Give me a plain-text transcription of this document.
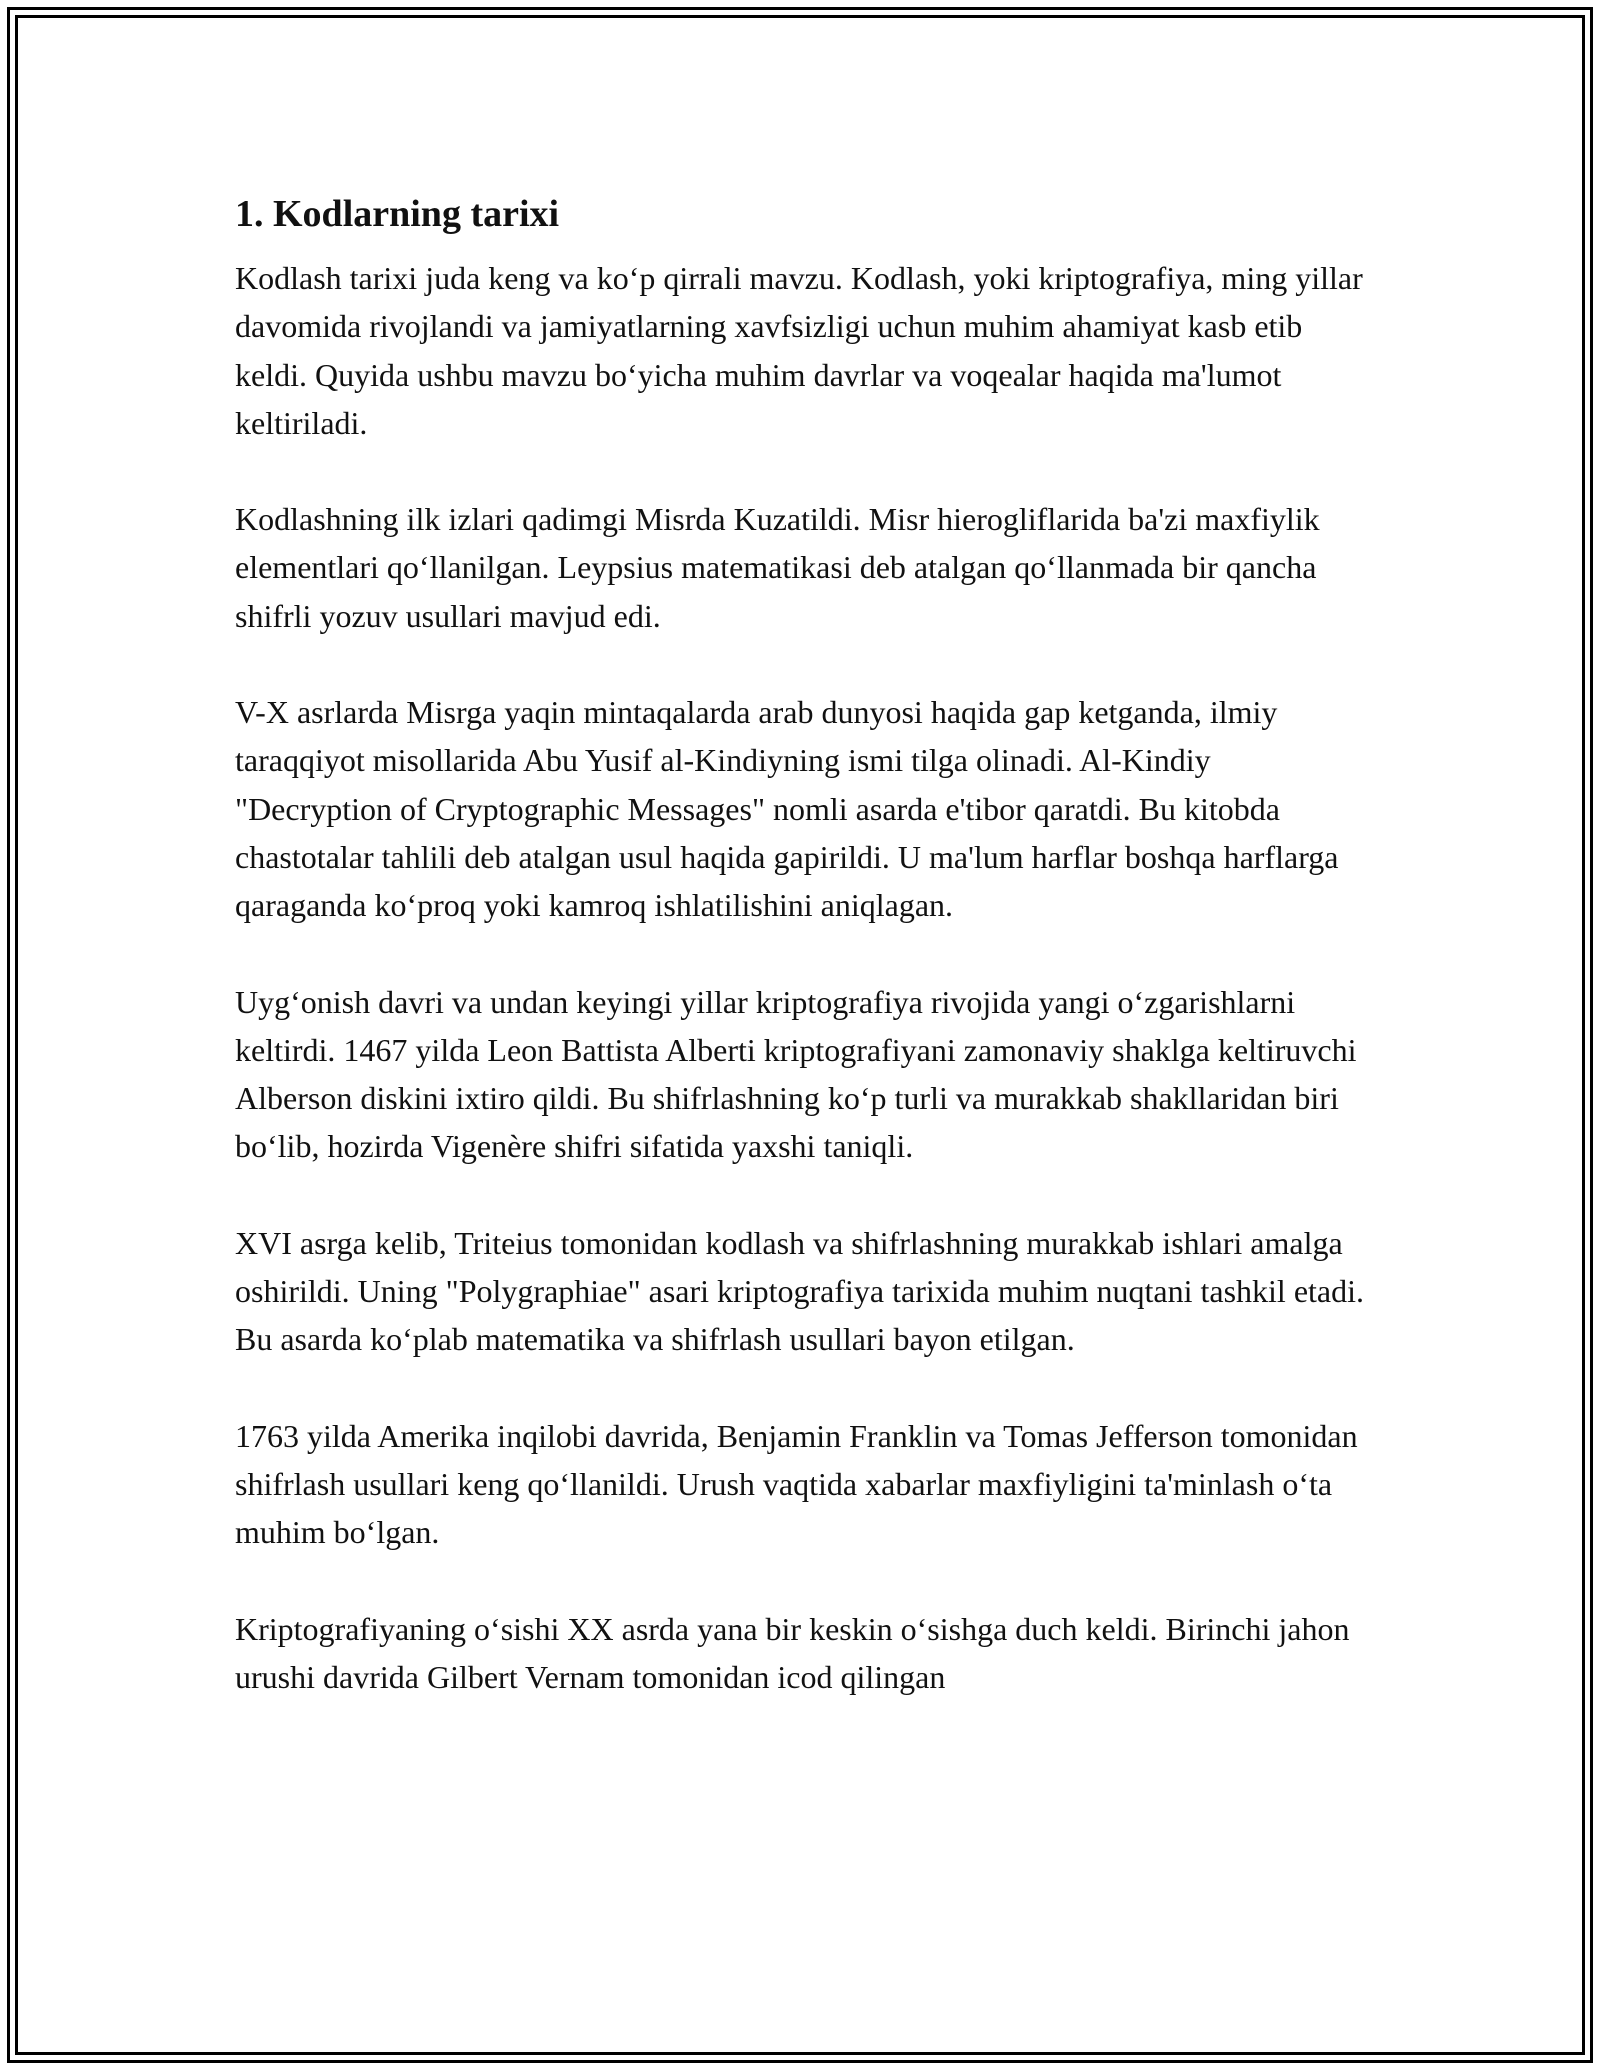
1. Kodlarning tarixi

Kodlash tarixi juda keng va ko‘p qirrali mavzu. Kodlash, yoki kriptografiya, ming yillar davomida rivojlandi va jamiyatlarning xavfsizligi uchun muhim ahamiyat kasb etib keldi. Quyida ushbu mavzu bo‘yicha muhim davrlar va voqealar haqida ma'lumot keltiriladi.

Kodlashning ilk izlari qadimgi Misrda Kuzatildi. Misr hierogliflarida ba'zi maxfiylik elementlari qo‘llanilgan. Leypsius matematikasi deb atalgan qo‘llanmada bir qancha shifrli yozuv usullari mavjud edi.

V-X asrlarda Misrga yaqin mintaqalarda arab dunyosi haqida gap ketganda, ilmiy taraqqiyot misollarida Abu Yusif al-Kindiyning ismi tilga olinadi. Al-Kindiy "Decryption of Cryptographic Messages" nomli asarda e'tibor qaratdi. Bu kitobda chastotalar tahlili deb atalgan usul haqida gapirildi. U ma'lum harflar boshqa harflarga qaraganda ko‘proq yoki kamroq ishlatilishini aniqlagan.

Uyg‘onish davri va undan keyingi yillar kriptografiya rivojida yangi o‘zgarishlarni keltirdi. 1467 yilda Leon Battista Alberti kriptografiyani zamonaviy shaklga keltiruvchi Alberson diskini ixtiro qildi. Bu shifrlashning ko‘p turli va murakkab shakllaridan biri bo‘lib, hozirda Vigenère shifri sifatida yaxshi taniqli.

XVI asrga kelib, Triteius tomonidan kodlash va shifrlashning murakkab ishlari amalga oshirildi. Uning "Polygraphiae" asari kriptografiya tarixida muhim nuqtani tashkil etadi. Bu asarda ko‘plab matematika va shifrlash usullari bayon etilgan.

1763 yilda Amerika inqilobi davrida, Benjamin Franklin va Tomas Jefferson tomonidan shifrlash usullari keng qo‘llanildi. Urush vaqtida xabarlar maxfiyligini ta'minlash o‘ta muhim bo‘lgan.

Kriptografiyaning o‘sishi XX asrda yana bir keskin o‘sishga duch keldi. Birinchi jahon urushi davrida Gilbert Vernam tomonidan icod qilingan
